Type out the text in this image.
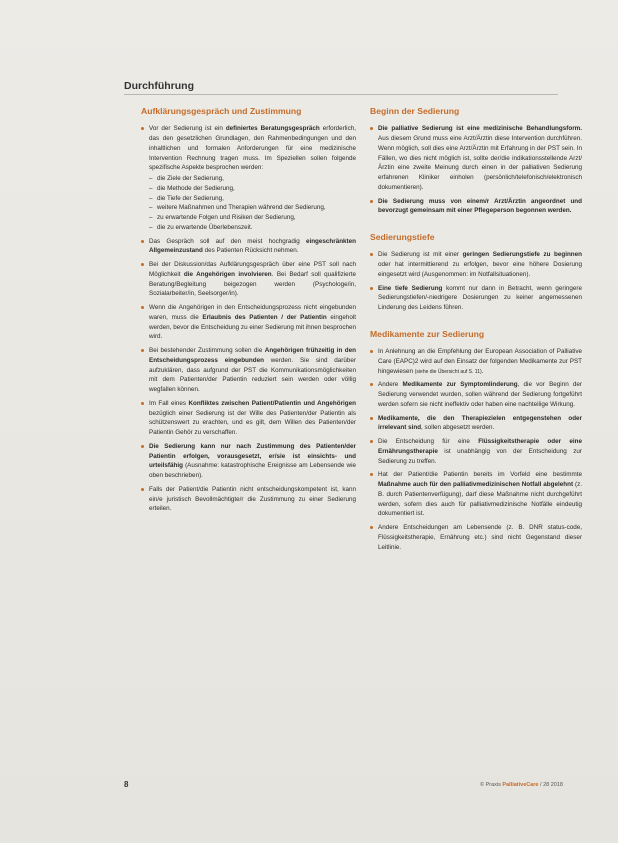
Durchführung
Aufklärungsgespräch und Zustimmung
Vor der Sedierung ist ein definiertes Beratungsgespräch erforderlich, das den gesetzlichen Grundlagen, den Rahmenbedingungen und den inhaltlichen und formalen Anforderungen für eine medizinische Intervention Rechnung tragen muss. Im Speziellen sollen folgende spezifische Aspekte besprochen werden:
– die Ziele der Sedierung,
– die Methode der Sedierung,
– die Tiefe der Sedierung,
– weitere Maßnahmen und Therapien während der Sedierung,
– zu erwartende Folgen und Risiken der Sedierung,
– die zu erwartende Überlebenszeit.
Das Gespräch soll auf den meist hochgradig eingeschränkten Allgemeinzustand des Patienten Rücksicht nehmen.
Bei der Diskussion/das Aufklärungsgespräch über eine PST soll nach Möglichkeit die Angehörigen involvieren. Bei Bedarf soll qualifizierte Beratung/Begleitung beigezogen werden (Psychologe/in, Sozialarbeiter/in, Seelsorger/in).
Wenn die Angehörigen in den Entscheidungsprozess nicht eingebunden waren, muss die Erlaubnis des Patienten / der Patientin eingeholt werden, bevor die Entscheidung zu einer Sedierung mit ihnen besprochen wird.
Bei bestehender Zustimmung sollen die Angehörigen frühzeitig in den Entscheidungsprozess eingebunden werden. Sie sind darüber aufzuklären, dass aufgrund der PST die Kommunikationsmöglichkeiten mit dem Patienten/der Patientin reduziert sein werden oder völlig wegfallen können.
Im Fall eines Konfliktes zwischen Patient/Patientin und Angehörigen bezüglich einer Sedierung ist der Wille des Patienten/der Patientin als schützenswert zu erachten, und es gilt, dem Willen des Patienten/der Patientin Gehör zu verschaffen.
Die Sedierung kann nur nach Zustimmung des Patienten/der Patientin erfolgen, vorausgesetzt, er/sie ist einsichts- und urteilsfähig (Ausnahme: katastrophische Ereignisse am Lebensende wie oben beschrieben).
Falls der Patient/die Patientin nicht entscheidungskompetent ist, kann ein/e juristisch Bevollmächtigte/r die Zustimmung zu einer Sedierung erteilen.
Beginn der Sedierung
Die palliative Sedierung ist eine medizinische Behandlungsform. Aus diesem Grund muss eine Arzt/Ärztin diese Intervention durchführen. Wenn möglich, soll dies eine Arzt/Ärztin mit Erfahrung in der PST sein. In Fällen, wo dies nicht möglich ist, sollte der/die indikationsstellende Arzt/Ärztin eine zweite Meinung durch einen in der palliativen Sedierung erfahrenen Kliniker einholen (persönlich/telefonisch/elektronisch dokumentieren).
Die Sedierung muss von einem/r Arzt/Ärztin angeordnet und bevorzugt gemeinsam mit einer Pflegeperson begonnen werden.
Sedierungstiefe
Die Sedierung ist mit einer geringen Sedierungstiefe zu beginnen oder hat intermittierend zu erfolgen, bevor eine höhere Dosierung eingesetzt wird (Ausgenommen: im Notfallsituationen).
Eine tiefe Sedierung kommt nur dann in Betracht, wenn geringere Sedierungstiefen/-niedrigere Dosierungen zu keiner angemessenen Linderung des Leidens führen.
Medikamente zur Sedierung
In Anlehnung an die Empfehlung der European Association of Palliative Care (EAPC)2 wird auf den Einsatz der folgenden Medikamente zur PST hingewiesen (siehe die Übersicht auf S. 11).
Andere Medikamente zur Symptomlinderung, die vor Beginn der Sedierung verwendet wurden, sollen während der Sedierung fortgeführt werden sofern sie nicht ineffektiv oder haben eine nachteilige Wirkung.
Medikamente, die den Therapiezielen entgegenstehen oder irrelevant sind, sollen abgesetzt werden.
Die Entscheidung für eine Flüssigkeitstherapie oder eine Ernährungstherapie ist unabhängig von der Entscheidung zur Sedierung zu treffen.
Hat der Patient/die Patientin bereits im Vorfeld eine bestimmte Maßnahme auch für den palliativmedizinischen Notfall abgelehnt (z. B. durch Patientenverfügung), darf diese Maßnahme nicht durchgeführt werden, sofern dies auch für palliativmedizinische Notfälle eindeutig dokumentiert ist.
Andere Entscheidungen am Lebensende (z. B. DNR status-code, Flüssigkeitstherapie, Ernährung etc.) sind nicht Gegenstand dieser Leitlinie.
8	© Praxis PalliativeCare / 28 2018
